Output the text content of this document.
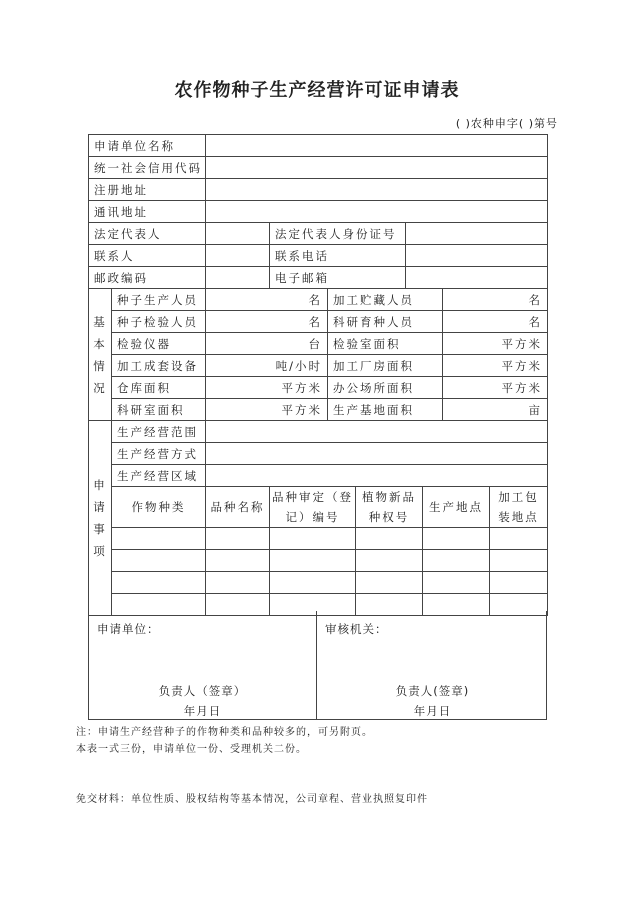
农作物种子生产经营许可证申请表
( )农种申字( )第号
申请单位名称									
统一社会信用代码									
注册地址									
通讯地址									
法定代表人			法定代表人身份证号						
联系人			联系电话						
邮政编码			电子邮箱						
基本情况	种子生产人员	名		加工贮藏人员				名	
	种子检验人员	名		科研育种人员				名	
	检验仪器	台		检验室面积				平方米	
	加工成套设备	吨/小时		加工厂房面积				平方米	
	仓库面积	平方米		办公场所面积				平方米	
	科研室面积	平方米		生产基地面积				亩	
申请事项	生产经营范围								
	生产经营方式								
	生产经营区域								
	作物种类	品种名称	品种审定（登记）编号		植物新品种权号		生产地点		加工包装地点

申请单位：
负责人（签章）
年月日
审核机关：
负责人(签章)
年月日
注：申请生产经营种子的作物种类和品种较多的，可另附页。
本表一式三份，申请单位一份、受理机关二份。
免交材料：单位性质、股权结构等基本情况，公司章程、营业执照复印件
